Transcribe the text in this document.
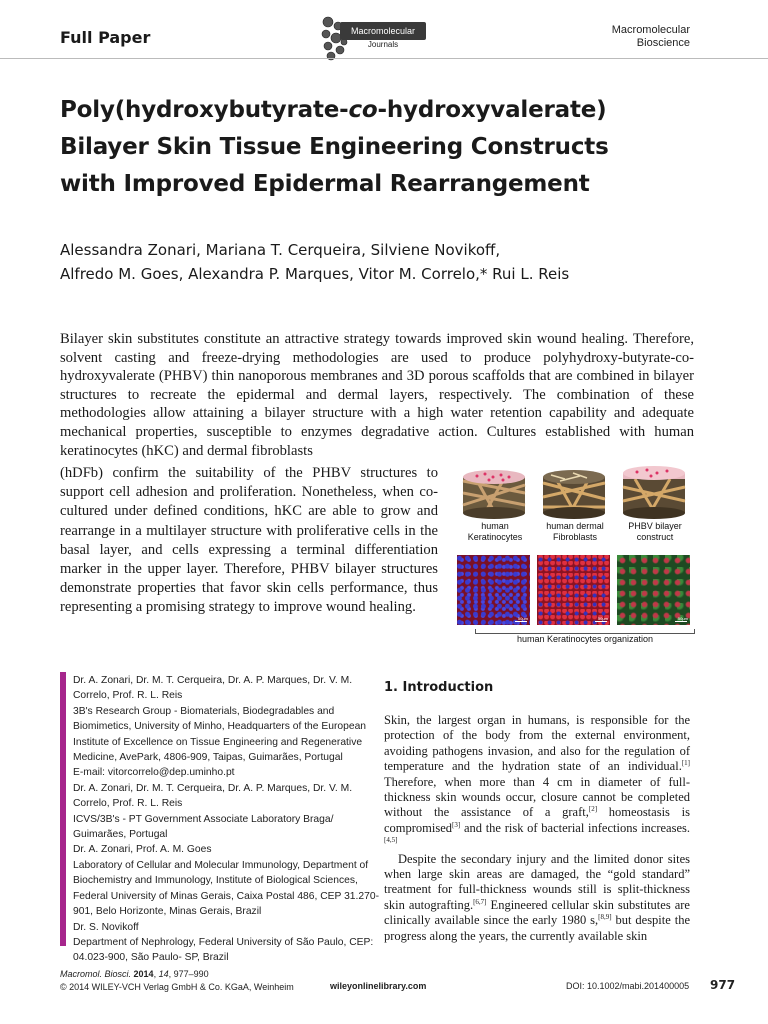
Full Paper	Macromolecular
Journals
Macromolecular
Bioscience
Poly(hydroxybutyrate-co-hydroxyvalerate)
Bilayer Skin Tissue Engineering Constructs
with Improved Epidermal Rearrangement
Alessandra Zonari, Mariana T. Cerqueira, Silviene Novikoff,
Alfredo M. Goes, Alexandra P. Marques, Vitor M. Correlo,* Rui L. Reis
Bilayer skin substitutes constitute an attractive strategy towards improved skin wound healing. Therefore, solvent casting and freeze-drying methodologies are used to produce polyhydroxy-butyrate-co-hydroxyvalerate (PHBV) thin nanoporous membranes and 3D porous scaffolds that are combined in bilayer structures to recreate the epidermal and dermal layers, respectively. The combination of these methodologies allow attaining a bilayer structure with a high water retention capability and adequate mechanical properties, susceptible to enzymes degradative action. Cultures established with human keratinocytes (hKC) and dermal fibroblasts
(hDFb) confirm the suitability of the PHBV structures to support cell adhesion and proliferation. Nonetheless, when co-cultured under defined conditions, hKC are able to grow and rearrange in a multilayer structure with proliferative cells in the basal layer, and cells expressing a terminal differentiation marker in the upper layer. Therefore, PHBV bilayer structures demonstrate properties that favor skin cells performance, thus representing a promising strategy to improve wound healing.
human
Keratinocytes
human dermal
Fibroblasts
PHBV bilayer
construct
50μm	50μm	50μm
human Keratinocytes organization
Dr. A. Zonari, Dr. M. T. Cerqueira, Dr. A. P. Marques, Dr. V. M.
Correlo, Prof. R. L. Reis
3B's Research Group - Biomaterials, Biodegradables and
Biomimetics, University of Minho, Headquarters of the European
Institute of Excellence on Tissue Engineering and Regenerative
Medicine, AvePark, 4806-909, Taipas, Guimarães, Portugal
E-mail: vitorcorrelo@dep.uminho.pt
Dr. A. Zonari, Dr. M. T. Cerqueira, Dr. A. P. Marques, Dr. V. M.
Correlo, Prof. R. L. Reis
ICVS/3B's - PT Government Associate Laboratory Braga/
Guimarães, Portugal
Dr. A. Zonari, Prof. A. M. Goes
Laboratory of Cellular and Molecular Immunology, Department of
Biochemistry and Immunology, Institute of Biological Sciences,
Federal University of Minas Gerais, Caixa Postal 486, CEP 31.270-
901, Belo Horizonte, Minas Gerais, Brazil
Dr. S. Novikoff
Department of Nephrology, Federal University of São Paulo, CEP:
04.023-900, São Paulo- SP, Brazil
1. Introduction

Skin, the largest organ in humans, is responsible for the protection of the body from the external environment, avoiding pathogens invasion, and also for the regulation of temperature and the hydration state of an individual.[1] Therefore, when more than 4 cm in diameter of full-thickness skin wounds occur, closure cannot be completed without the assistance of a graft,[2] homeostasis is compromised[3] and the risk of bacterial infections increases.[4,5]

Despite the secondary injury and the limited donor sites when large skin areas are damaged, the “gold standard” treatment for full-thickness wounds still is split-thickness skin autografting.[6,7] Engineered cellular skin substitutes are clinically available since the early 1980 s,[8,9] but despite the progress along the years, the currently available skin

Macromol. Biosci. 2014, 14, 977–990
© 2014 WILEY-VCH Verlag GmbH & Co. KGaA, Weinheim	wileyonlinelibrary.com	DOI: 10.1002/mabi.201400005 977
